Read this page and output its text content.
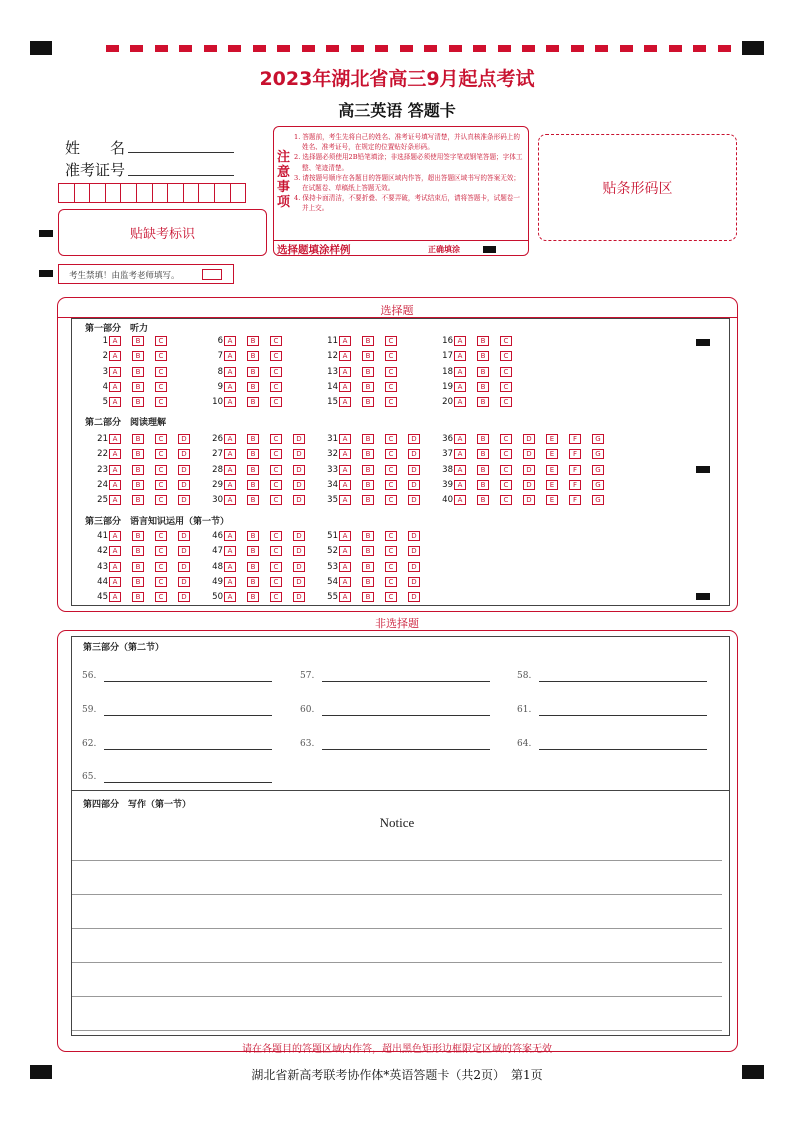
2023年湖北省高三9月起点考试
高三英语 答题卡
姓　　名
准考证号
贴缺考标识
考生禁填！由监考老师填写。
注意事项
1. 答题前，考生先将自己的姓名、准考证号填写清楚，并认真核准条形码上的姓名、准考证号，在规定的位置贴好条形码。
2. 选择题必须使用2B铅笔填涂；非选择题必须使用签字笔或钢笔答题；字体工整、笔迹清楚。
3. 请按题号顺序在各题目的答题区域内作答，超出答题区域书写的答案无效；在试题卷、草稿纸上答题无效。
4. 保持卡面清洁，不要折叠、不要弄破，考试结束后，请将答题卡，试题卷一并上交。
选择题填涂样例	正确填涂
贴条形码区
选择题
第一部分　听力
第二部分　阅读理解
第三部分　语言知识运用（第一节）
1 A	B	C
2 A	B	C
3 A	B	C
4 A	B	C
5 A	B	C
6 A	B	C
7 A	B	C
8 A	B	C
9 A	B	C
10 A	B	C
11 A	B	C
12 A	B	C
13 A	B	C
14 A	B	C
15 A	B	C
16 A	B	C
17 A	B	C
18 A	B	C
19 A	B	C
20 A	B	C
21 A	B	C	D
22 A	B	C	D
23 A	B	C	D
24 A	B	C	D
25 A	B	C	D
26 A	B	C	D
27 A	B	C	D
28 A	B	C	D
29 A	B	C	D
30 A	B	C	D
31 A	B	C	D
32 A	B	C	D
33 A	B	C	D
34 A	B	C	D
35 A	B	C	D
36 A	B	C	D	E	F	G
37 A	B	C	D	E	F	G
38 A	B	C	D	E	F	G
39 A	B	C	D	E	F	G
40 A	B	C	D	E	F	G
41 A	B	C	D
42 A	B	C	D
43 A	B	C	D
44 A	B	C	D
45 A	B	C	D
46 A	B	C	D
47 A	B	C	D
48 A	B	C	D
49 A	B	C	D
50 A	B	C	D
51 A	B	C	D
52 A	B	C	D
53 A	B	C	D
54 A	B	C	D
55 A	B	C	D
非选择题
第三部分（第二节）
56.	57.	58.
59.	60.	61.
62.	63.	64.
65.
第四部分　写作（第一节）
Notice
请在各题目的答题区域内作答，超出黑色矩形边框限定区域的答案无效
湖北省新高考联考协作体*英语答题卡（共2页）　第1页
